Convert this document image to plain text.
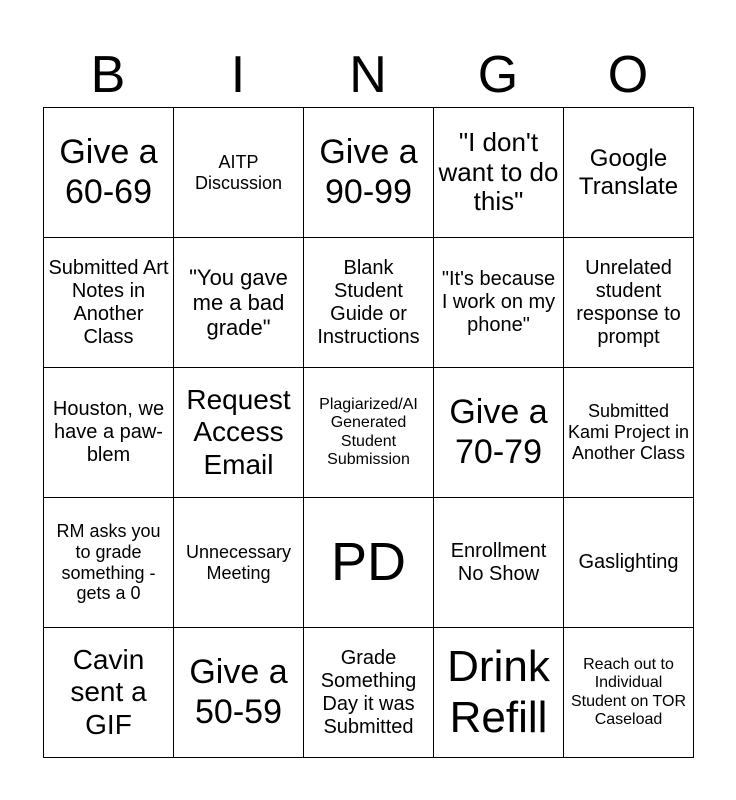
B	I	N	G	O
Give a 60-69	AITP Discussion	Give a 90-99	"I don't want to do this"	Google Translate
Submitted Art Notes in Another Class	"You gave me a bad grade"	Blank Student Guide or Instructions	"It's because I work on my phone"	Unrelated student response to prompt
Houston, we have a paw-blem	Request Access Email	Plagiarized/AI Generated Student Submission	Give a 70-79	Submitted Kami Project in Another Class
RM asks you to grade something - gets a 0	Unnecessary Meeting	PD	Enrollment No Show	Gaslighting
Cavin sent a GIF	Give a 50-59	Grade Something Day it was Submitted	Drink Refill	Reach out to Individual Student on TOR Caseload
